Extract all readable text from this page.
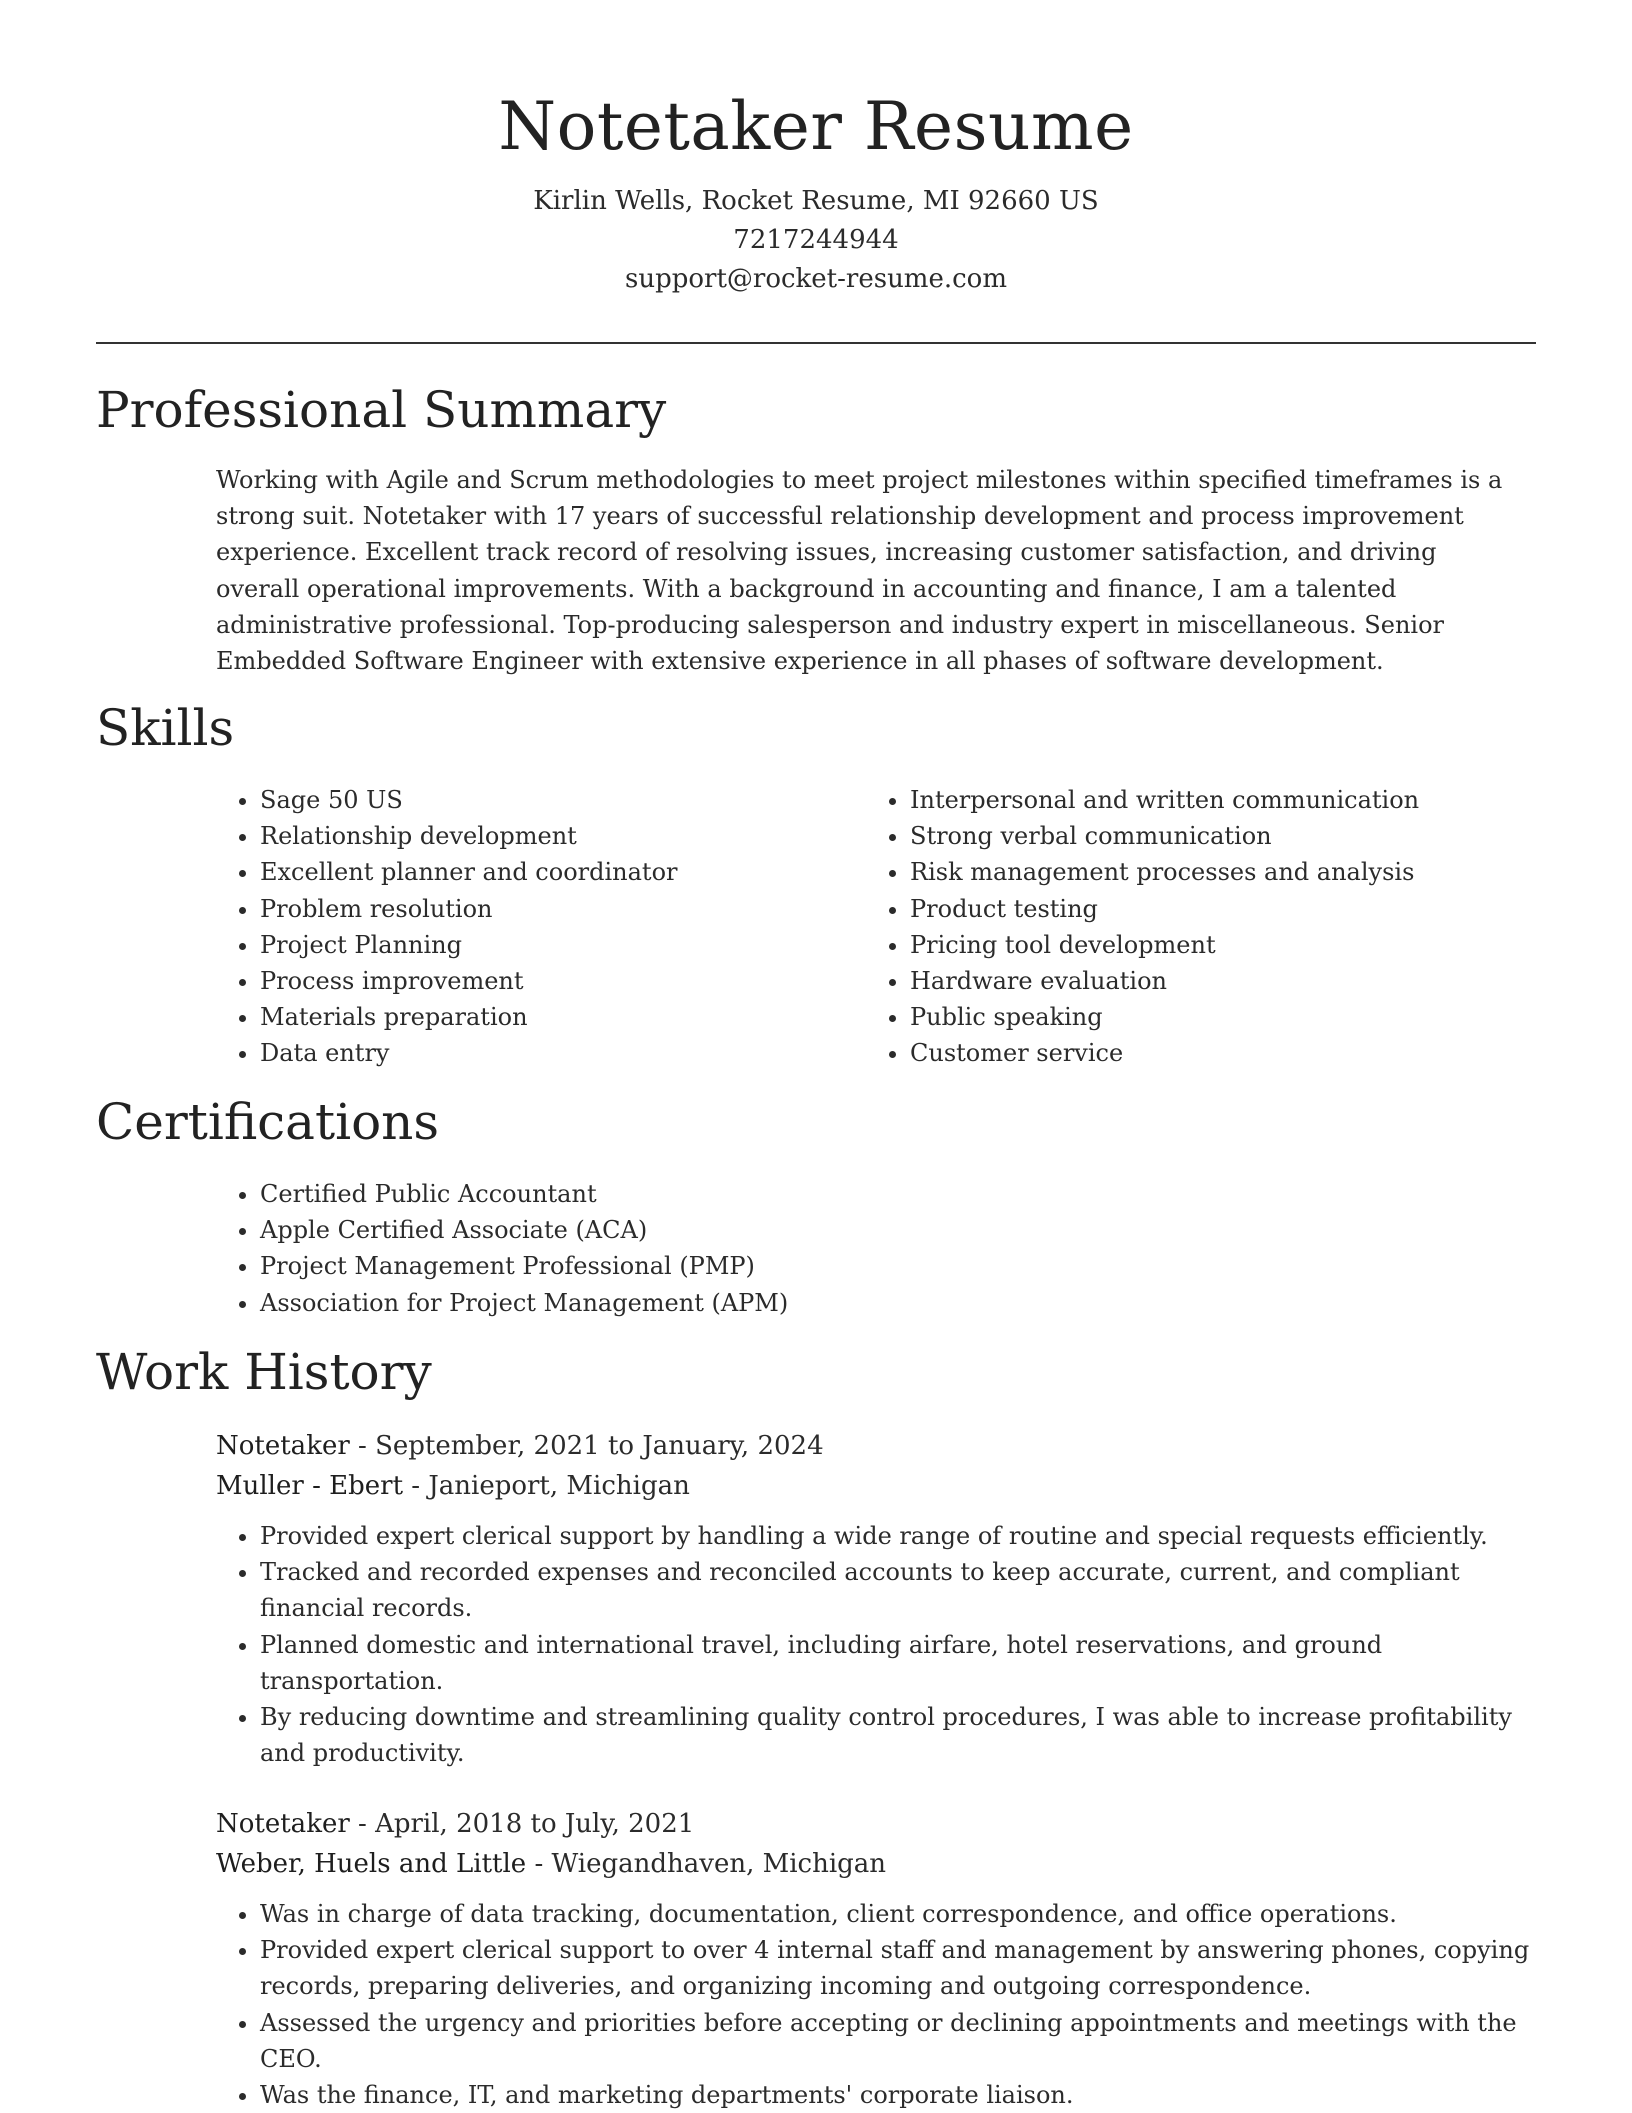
Notetaker Resume
Kirlin Wells, Rocket Resume, MI 92660 US
7217244944
support@rocket-resume.com
Professional Summary

Working with Agile and Scrum methodologies to meet project milestones within specified timeframes is a strong suit. Notetaker with 17 years of successful relationship development and process improvement experience. Excellent track record of resolving issues, increasing customer satisfaction, and driving overall operational improvements. With a background in accounting and finance, I am a talented administrative professional. Top-producing salesperson and industry expert in miscellaneous. Senior Embedded Software Engineer with extensive experience in all phases of software development.

Skills
• Sage 50 US
• Relationship development
• Excellent planner and coordinator
• Problem resolution
• Project Planning
• Process improvement
• Materials preparation
• Data entry
• Interpersonal and written communication
• Strong verbal communication
• Risk management processes and analysis
• Product testing
• Pricing tool development
• Hardware evaluation
• Public speaking
• Customer service
Certifications
• Certified Public Accountant
• Apple Certified Associate (ACA)
• Project Management Professional (PMP)
• Association for Project Management (APM)
Work History
Notetaker - September, 2021 to January, 2024
Muller - Ebert - Janieport, Michigan
• Provided expert clerical support by handling a wide range of routine and special requests efficiently.
• Tracked and recorded expenses and reconciled accounts to keep accurate, current, and compliant financial records.
• Planned domestic and international travel, including airfare, hotel reservations, and ground transportation.
• By reducing downtime and streamlining quality control procedures, I was able to increase profitability and productivity.
Notetaker - April, 2018 to July, 2021
Weber, Huels and Little - Wiegandhaven, Michigan
• Was in charge of data tracking, documentation, client correspondence, and office operations.
• Provided expert clerical support to over 4 internal staff and management by answering phones, copying records, preparing deliveries, and organizing incoming and outgoing correspondence.
• Assessed the urgency and priorities before accepting or declining appointments and meetings with the CEO.
• Was the finance, IT, and marketing departments' corporate liaison.
